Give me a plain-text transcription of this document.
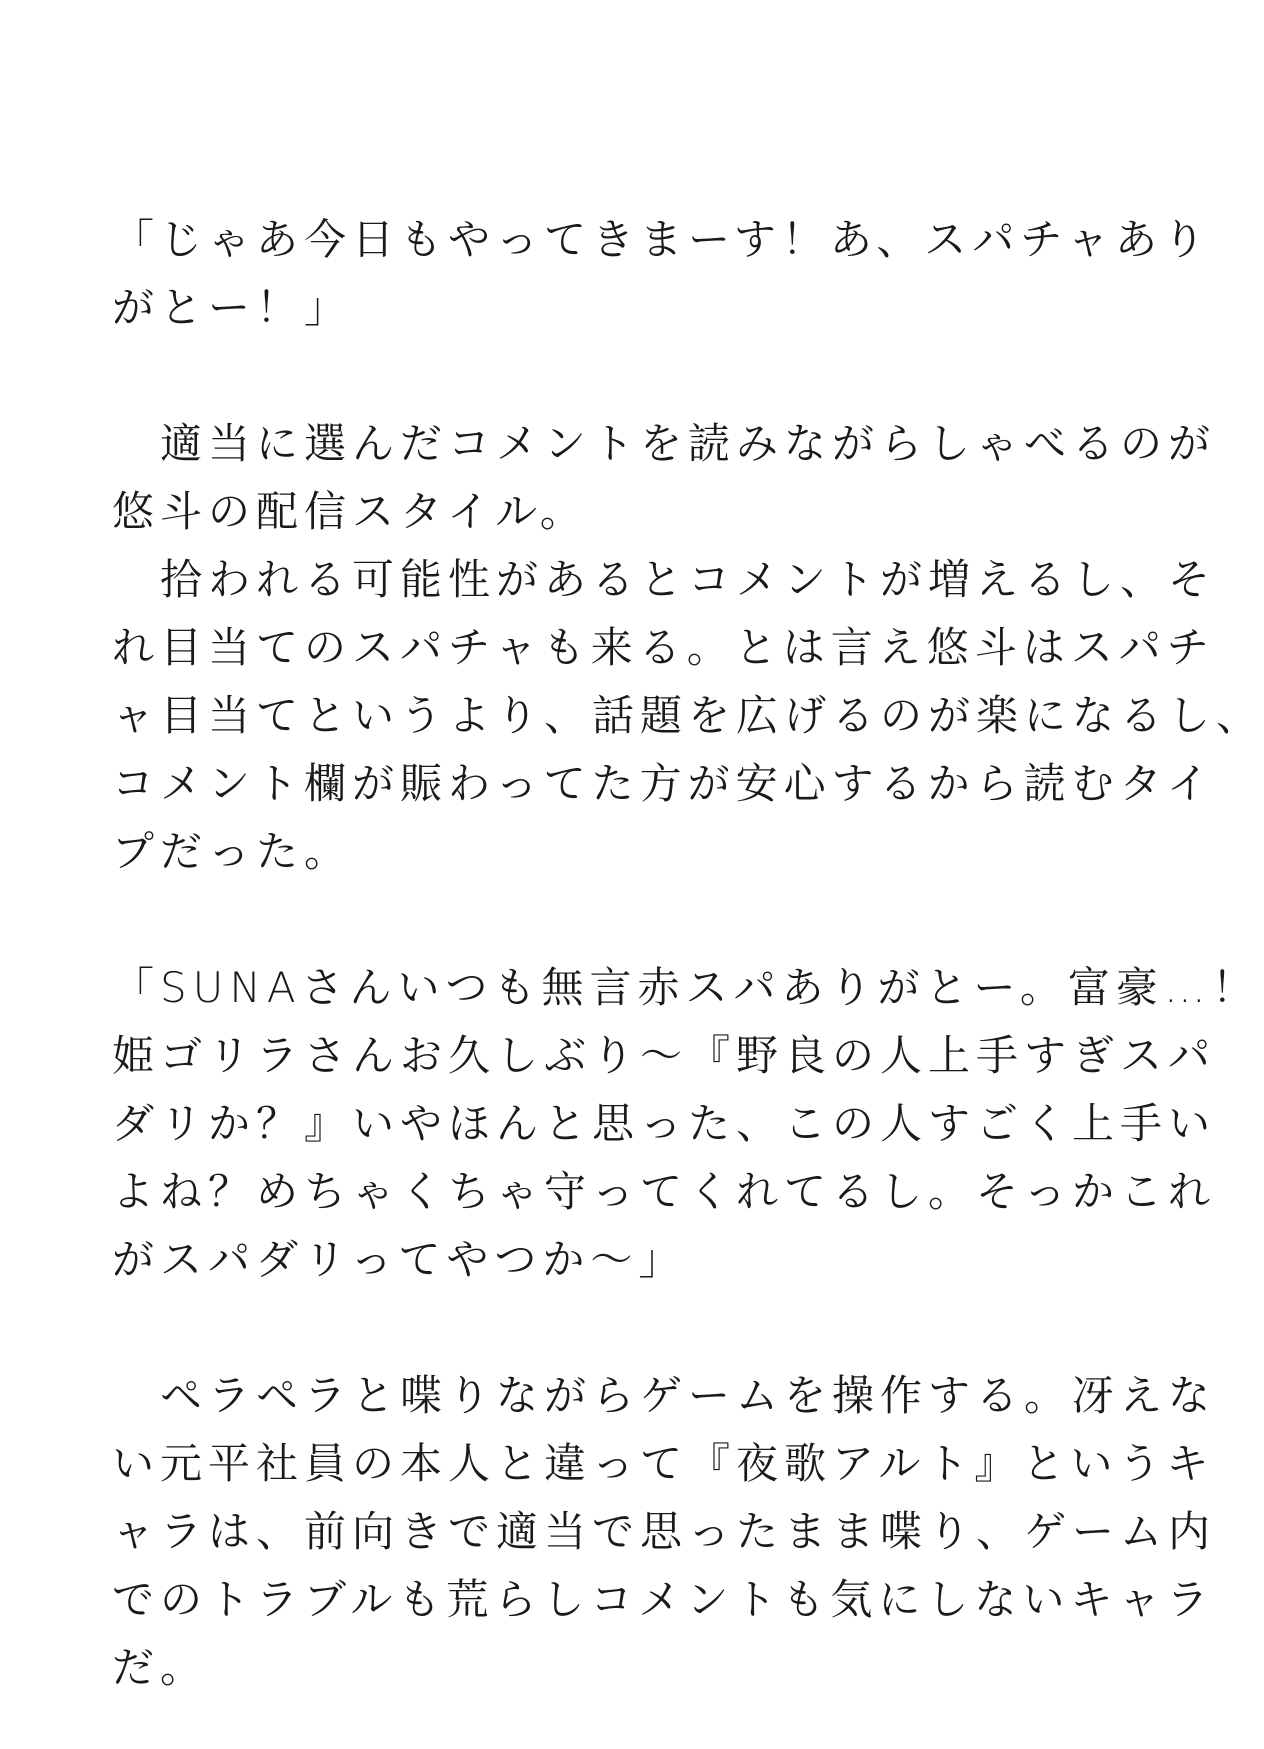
「じゃあ今日もやってきまーす！あ、スパチャあり
がとー！」
　適当に選んだコメントを読みながらしゃべるのが
悠斗の配信スタイル。
　拾われる可能性があるとコメントが増えるし、そ
れ目当てのスパチャも来る。とは言え悠斗はスパチ
ャ目当てというより、話題を広げるのが楽になるし、
コメント欄が賑わってた方が安心するから読むタイ
プだった。
「SUNAさんいつも無言赤スパありがとー。富豪…！
姫ゴリラさんお久しぶり～『野良の人上手すぎスパ
ダリか？』いやほんと思った、この人すごく上手い
よね？めちゃくちゃ守ってくれてるし。そっかこれ
がスパダリってやつか～」
　ペラペラと喋りながらゲームを操作する。冴えな
い元平社員の本人と違って『夜歌アルト』というキ
ャラは、前向きで適当で思ったまま喋り、ゲーム内
でのトラブルも荒らしコメントも気にしないキャラ
だ。
